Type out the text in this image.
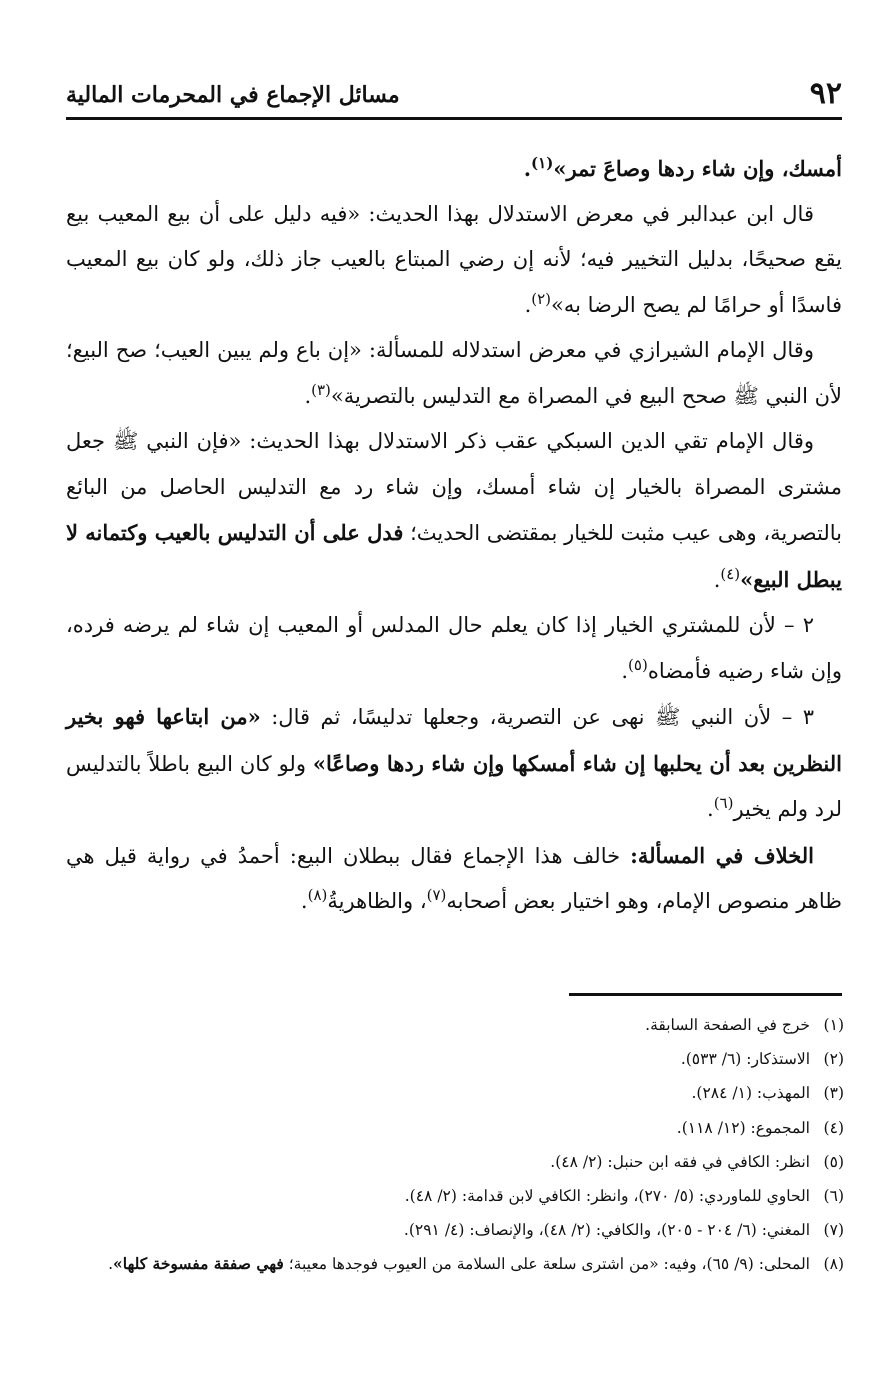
٩٢
مسائل الإجماع في المحرمات المالية

أمسك، وإن شاء ردها وصاعَ تمر»$^{(١)}$.

قال ابن عبدالبر في معرض الاستدلال بهذا الحديث: «فيه دليل على أن بيع المعيب بيع يقع صحيحًا، بدليل التخيير فيه؛ لأنه إن رضي المبتاع بالعيب جاز ذلك، ولو كان بيع المعيب فاسدًا أو حرامًا لم يصح الرضا به»$^{(٢)}$.

وقال الإمام الشيرازي في معرض استدلاله للمسألة: «إن باع ولم يبين العيب؛ صح البيع؛ لأن النبي ﷺ صحح البيع في المصراة مع التدليس بالتصرية»$^{(٣)}$.

وقال الإمام تقي الدين السبكي عقب ذكر الاستدلال بهذا الحديث: «فإن النبي ﷺ جعل مشترى المصراة بالخيار إن شاء أمسك، وإن شاء رد مع التدليس الحاصل من البائع بالتصرية، وهى عيب مثبت للخيار بمقتضى الحديث؛ فدل على أن التدليس بالعيب وكتمانه لا يبطل البيع»$^{(٤)}$.

٢ – لأن للمشتري الخيار إذا كان يعلم حال المدلس أو المعيب إن شاء لم يرضه فرده، وإن شاء رضيه فأمضاه$^{(٥)}$.

٣ – لأن النبي ﷺ نهى عن التصرية، وجعلها تدليسًا، ثم قال: «من ابتاعها فهو بخير النظرين بعد أن يحلبها إن شاء أمسكها وإن شاء ردها وصاعًا» ولو كان البيع باطلاً بالتدليس لرد ولم يخير$^{(٦)}$.

الخلاف في المسألة: خالف هذا الإجماع فقال ببطلان البيع: أحمدُ في رواية قيل هي ظاهر منصوص الإمام، وهو اختيار بعض أصحابه$^{(٧)}$، والظاهريةُ$^{(٨)}$.

(١)خرج في الصفحة السابقة.

(٢)الاستذكار: (٦/ ٥٣٣).

(٣)المهذب: (١/ ٢٨٤).

(٤)المجموع: (١٢/ ١١٨).

(٥)انظر: الكافي في فقه ابن حنبل: (٢/ ٤٨).

(٦)الحاوي للماوردي: (٥/ ٢٧٠)، وانظر: الكافي لابن قدامة: (٢/ ٤٨).

(٧)المغني: (٦/ ٢٠٤ - ٢٠٥)، والكافي: (٢/ ٤٨)، والإنصاف: (٤/ ٢٩١).

(٨)المحلى: (٩/ ٦٥)، وفيه: «من اشترى سلعة على السلامة من العيوب فوجدها معيبة؛ فهي صفقة مفسوخة كلها».
